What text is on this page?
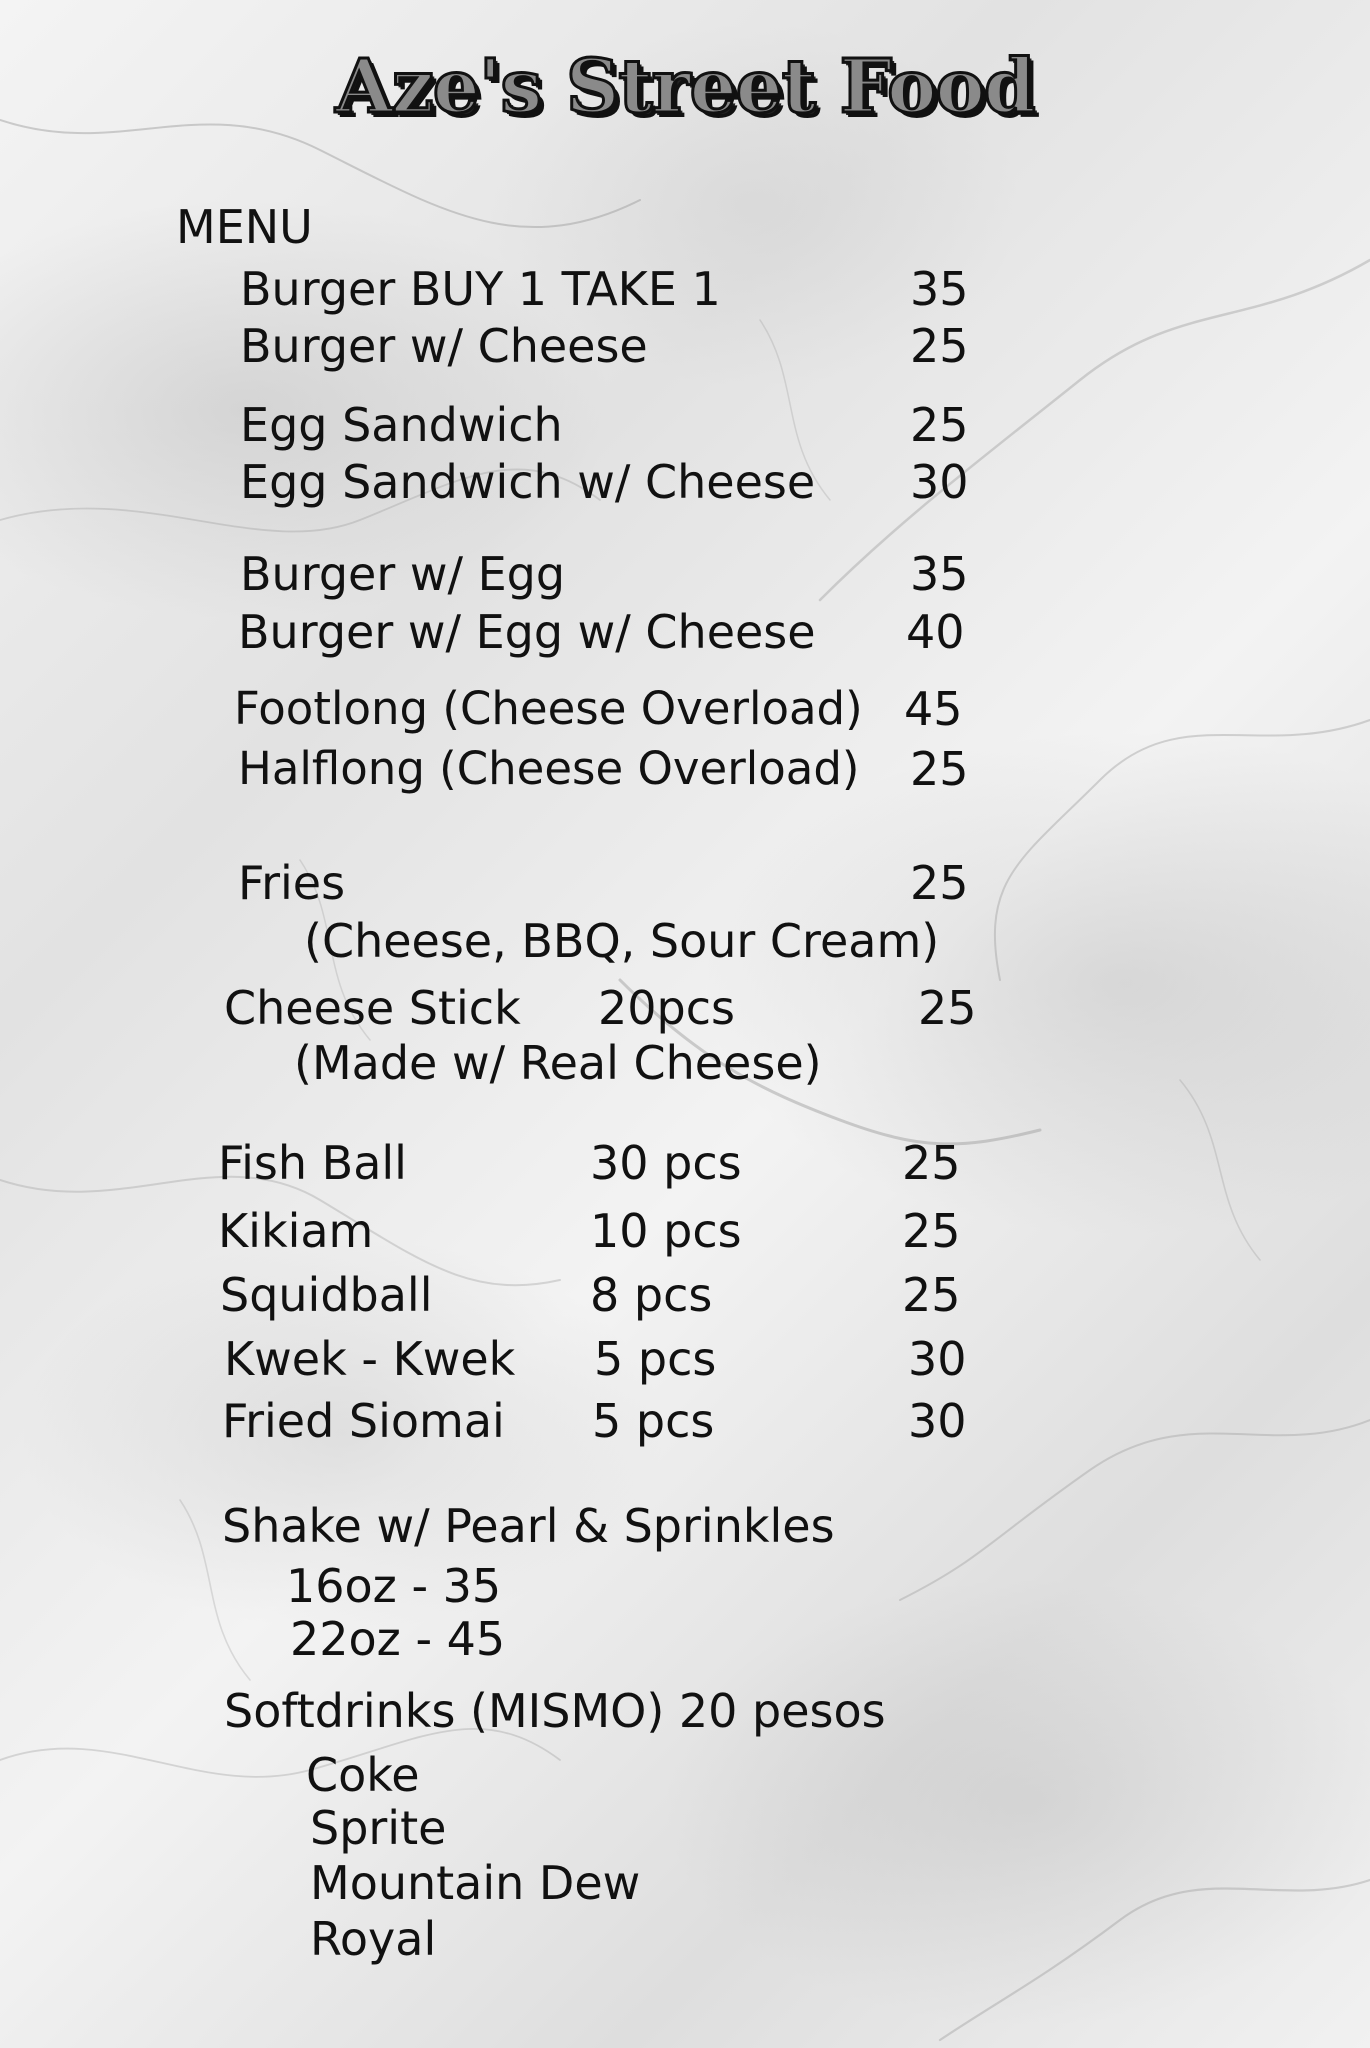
Aze's Street Food
MENU
Burger BUY 1 TAKE 1	35
Burger w/ Cheese	25
Egg Sandwich	25
Egg Sandwich w/ Cheese 30
Burger w/ Egg	35
Burger w/ Egg w/ Cheese 40
Footlong (Cheese Overload) 45
Halflong (Cheese Overload) 25
Fries	25
(Cheese, BBQ, Sour Cream)
Cheese Stick 20pcs	25
(Made w/ Real Cheese)
Fish Ball	30 pcs	25
Kikiam	10 pcs	25
Squidball	8 pcs	25
Kwek - Kwek 5 pcs	30
Fried Siomai 5 pcs	30
Shake w/ Pearl & Sprinkles
16oz - 35
22oz - 45
Softdrinks (MISMO) 20 pesos
Coke
Sprite
Mountain Dew
Royal
